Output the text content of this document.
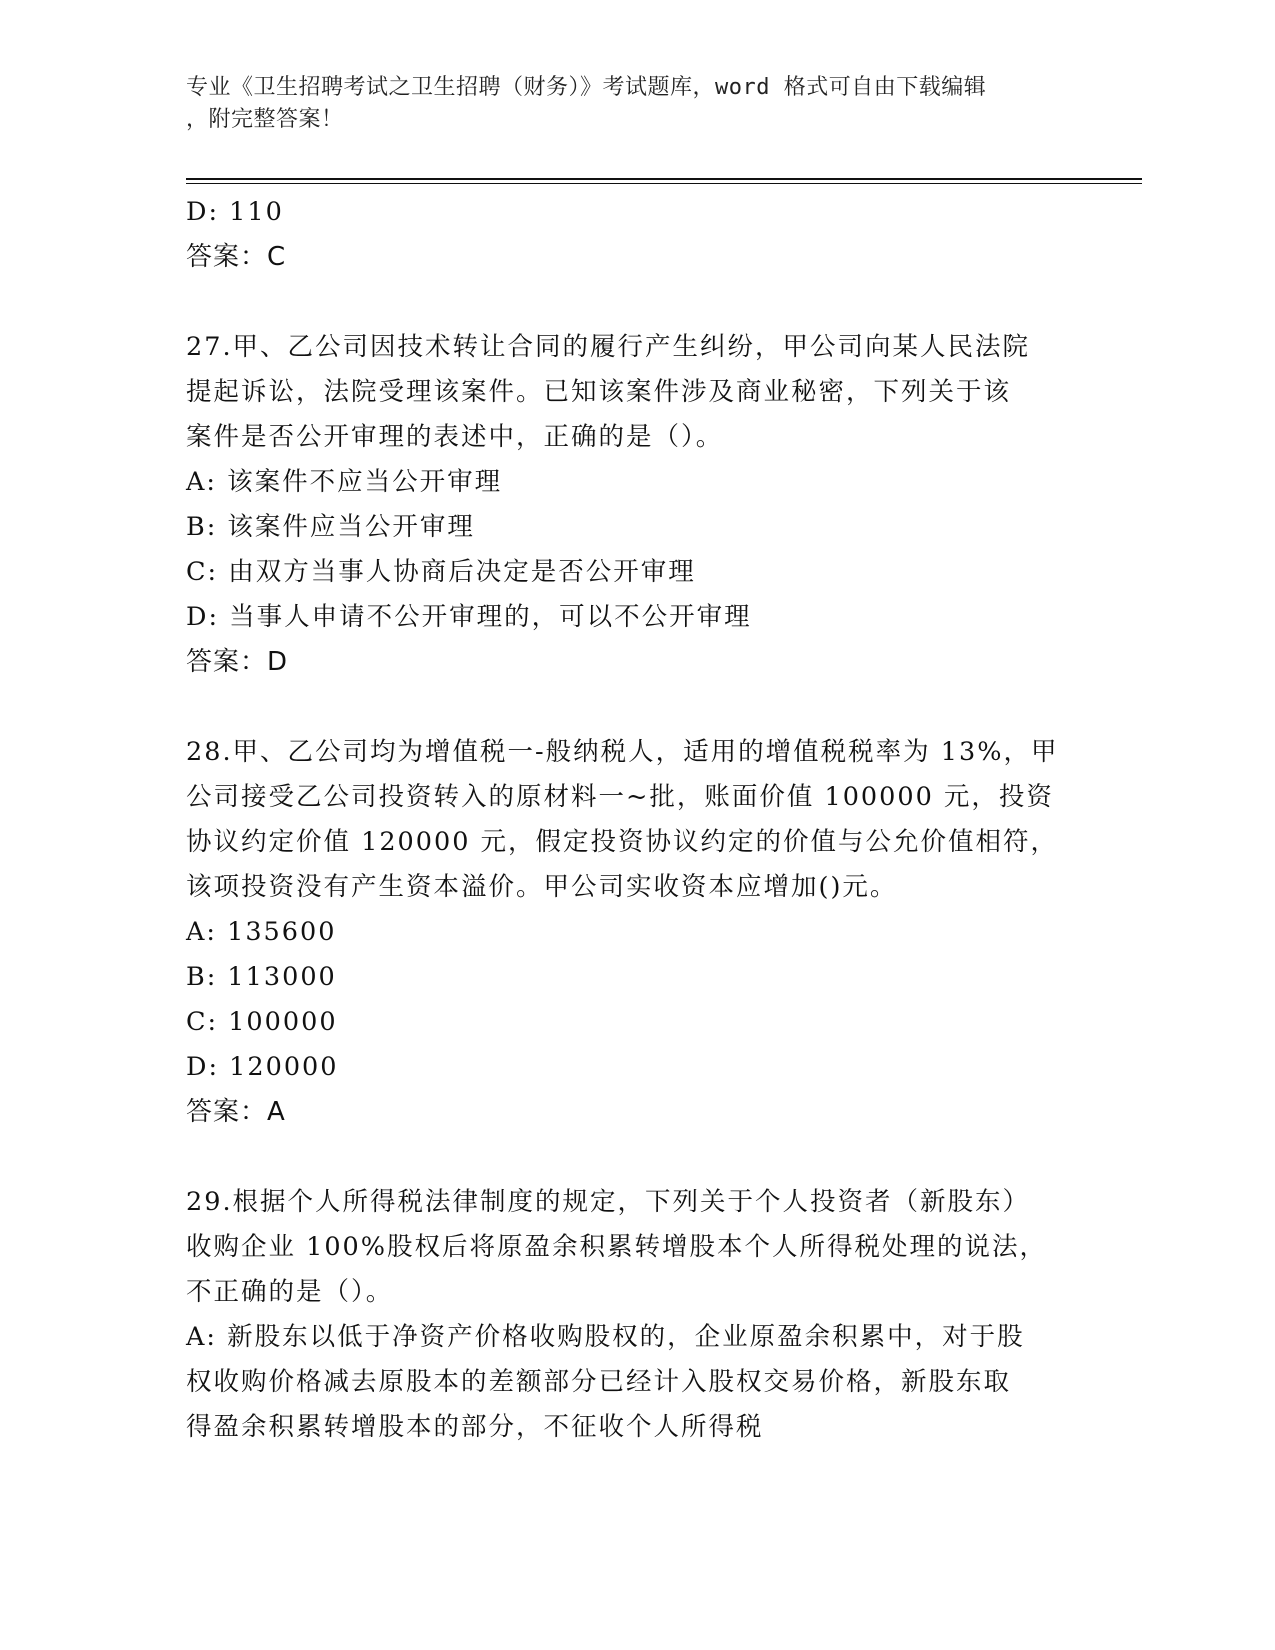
专业《卫生招聘考试之卫生招聘（财务）》考试题库，word 格式可自由下载编辑
，附完整答案！
D: 110
答案：C
27.甲、乙公司因技术转让合同的履行产生纠纷，甲公司向某人民法院
提起诉讼，法院受理该案件。已知该案件涉及商业秘密，下列关于该
案件是否公开审理的表述中，正确的是（）。
A: 该案件不应当公开审理
B: 该案件应当公开审理
C: 由双方当事人协商后决定是否公开审理
D: 当事人申请不公开审理的，可以不公开审理
答案：D
28.甲、乙公司均为增值税一-般纳税人，适用的增值税税率为 13%，甲
公司接受乙公司投资转入的原材料一~批，账面价值 100000 元，投资
协议约定价值 120000 元，假定投资协议约定的价值与公允价值相符，
该项投资没有产生资本溢价。甲公司实收资本应增加()元。
A: 135600
B: 113000
C: 100000
D: 120000
答案：A
29.根据个人所得税法律制度的规定，下列关于个人投资者（新股东）
收购企业 100%股权后将原盈余积累转增股本个人所得税处理的说法，
不正确的是（）。
A: 新股东以低于净资产价格收购股权的，企业原盈余积累中，对于股
权收购价格减去原股本的差额部分已经计入股权交易价格，新股东取
得盈余积累转增股本的部分，不征收个人所得税
